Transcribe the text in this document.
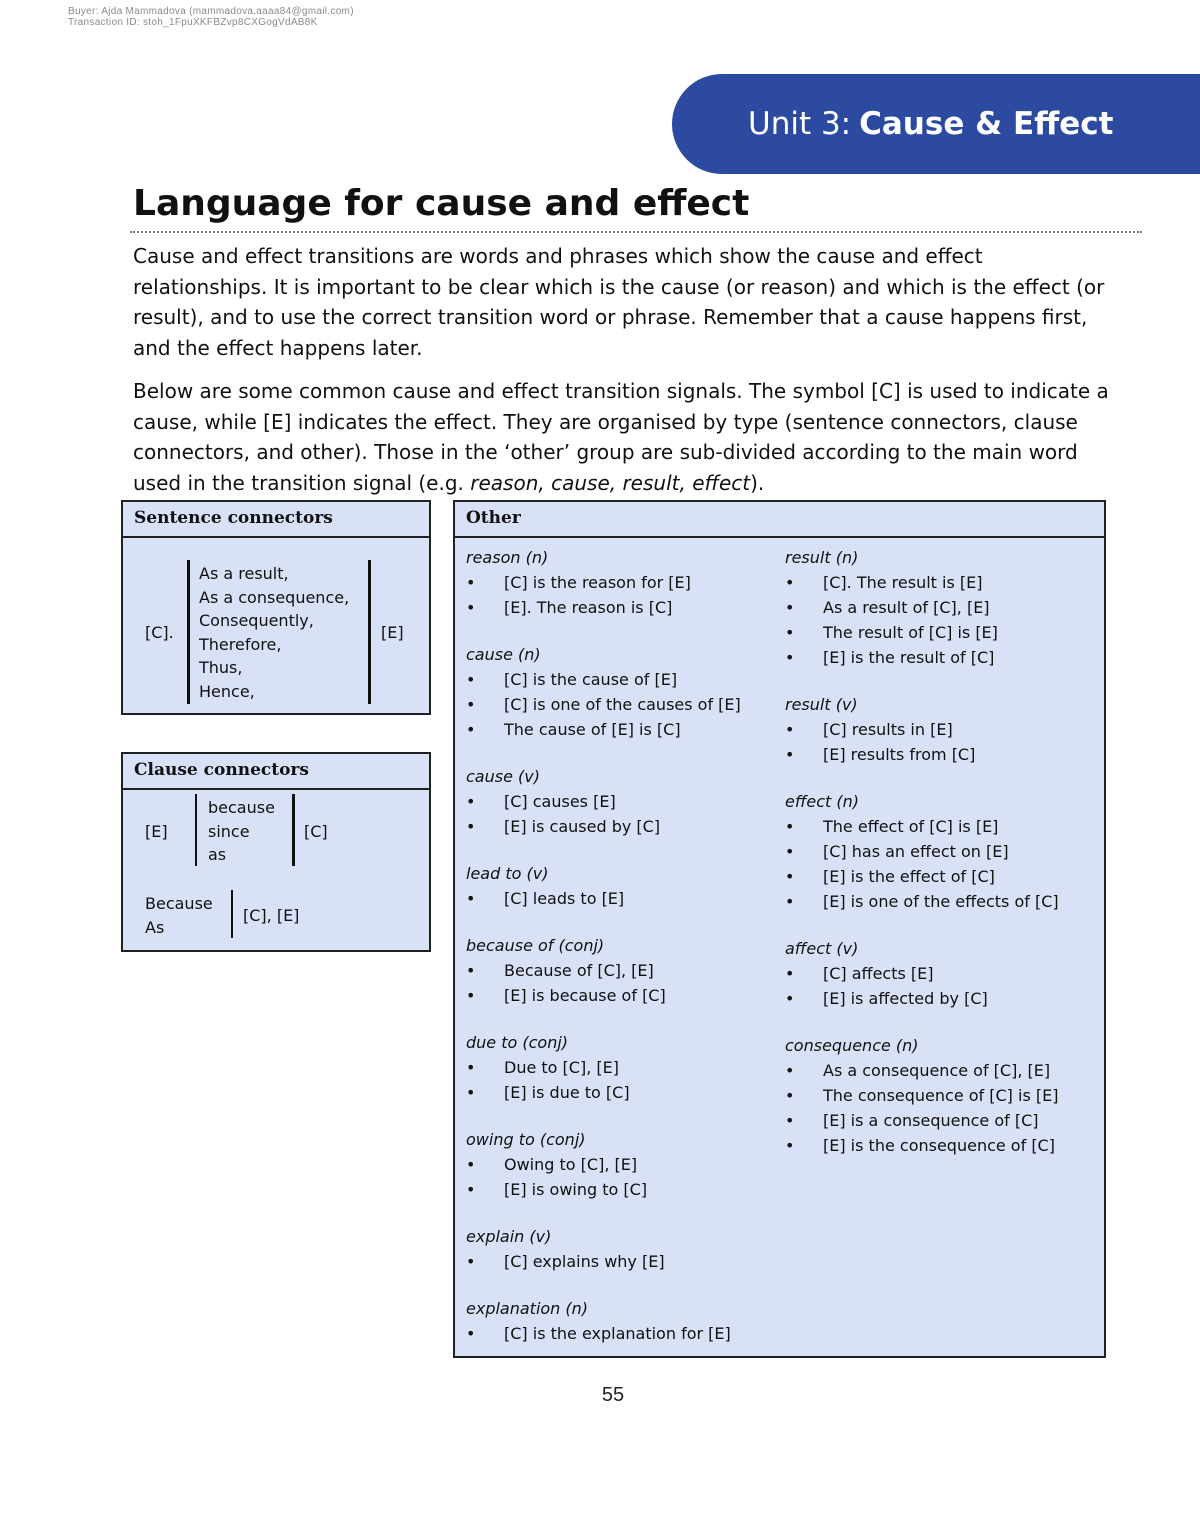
Buyer: Ajda Mammadova (mammadova.aaaa84@gmail.com)
Transaction ID: stoh_1FpuXKFBZvp8CXGogVdAB8K
Unit 3: Cause & Effect
Language for cause and effect

Cause and effect transitions are words and phrases which show the cause and effect relationships. It is important to be clear which is the cause (or reason) and which is the effect (or result), and to use the correct transition word or phrase. Remember that a cause happens first, and the effect happens later.

Below are some common cause and effect transition signals. The symbol [C] is used to indicate a cause, while [E] indicates the effect. They are organised by type (sentence connectors, clause connectors, and other). Those in the ‘other’ group are sub-divided according to the main word used in the transition signal (e.g. reason, cause, result, effect).

Sentence connectors
[C].
As a result,
As a consequence,
Consequently,
Therefore,
Thus,
Hence,
[E]
Clause connectors
[E]
because
since
as
[C]
Because
As
[C], [E]
Other
reason (n)
• [C] is the reason for [E]
• [E]. The reason is [C]
cause (n)
• [C] is the cause of [E]
• [C] is one of the causes of [E]
• The cause of [E] is [C]
cause (v)
• [C] causes [E]
• [E] is caused by [C]
lead to (v)
• [C] leads to [E]
because of (conj)
• Because of [C], [E]
• [E] is because of [C]
due to (conj)
• Due to [C], [E]
• [E] is due to [C]
owing to (conj)
• Owing to [C], [E]
• [E] is owing to [C]
explain (v)
• [C] explains why [E]
explanation (n)
• [C] is the explanation for [E]
result (n)
• [C]. The result is [E]
• As a result of [C], [E]
• The result of [C] is [E]
• [E] is the result of [C]
result (v)
• [C] results in [E]
• [E] results from [C]
effect (n)
• The effect of [C] is [E]
• [C] has an effect on [E]
• [E] is the effect of [C]
• [E] is one of the effects of [C]
affect (v)
• [C] affects [E]
• [E] is affected by [C]
consequence (n)
• As a consequence of [C], [E]
• The consequence of [C] is [E]
• [E] is a consequence of [C]
• [E] is the consequence of [C]
55
